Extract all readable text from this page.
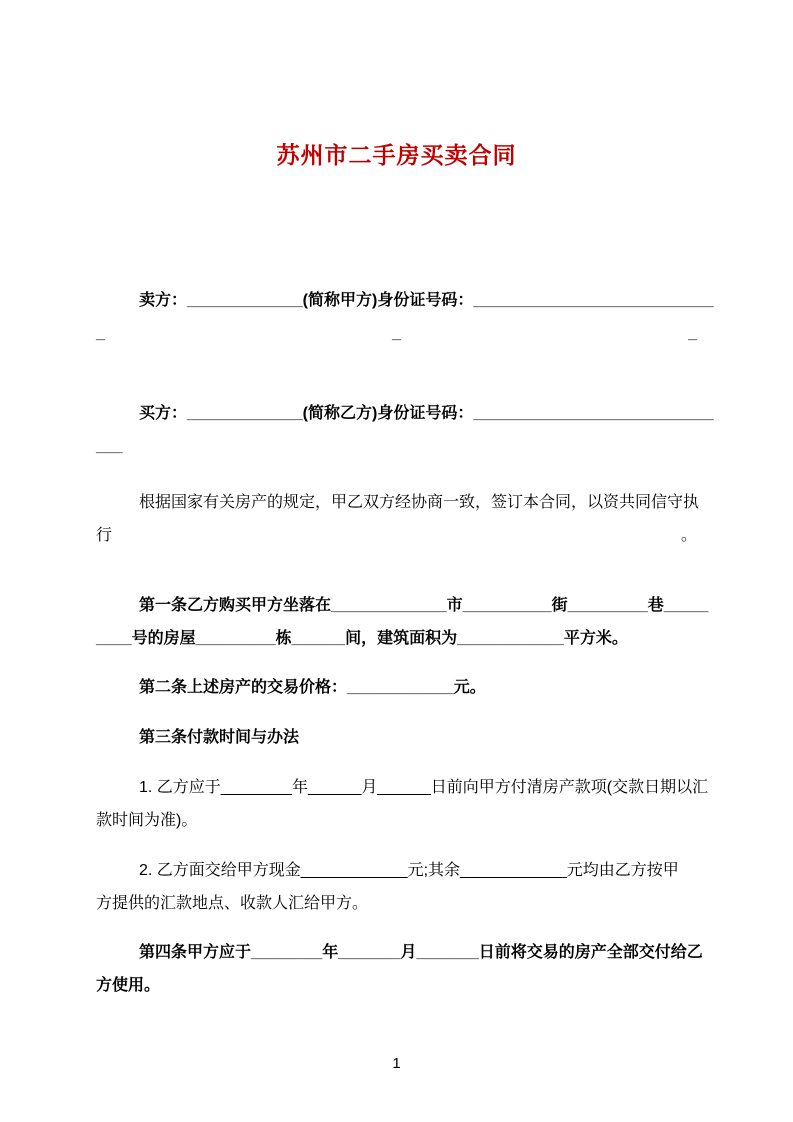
苏州市二手房买卖合同
卖方：_____________(简称甲方)身份证号码：___________________________
_	_	_
买方：_____________(简称乙方)身份证号码：___________________________
___
根据国家有关房产的规定，甲乙双方经协商一致，签订本合同，以资共同信守执
行	。
第一条乙方购买甲方坐落在_____________市__________街_________巷_____
____号的房屋_________栋______间，建筑面积为____________平方米。
第二条上述房产的交易价格：____________元。
第三条付款时间与办法
1. 乙方应于________年______月______日前向甲方付清房产款项(交款日期以汇
款时间为准)。
2. 乙方面交给甲方现金____________元;其余____________元均由乙方按甲
方提供的汇款地点、收款人汇给甲方。
第四条甲方应于________年_______月_______日前将交易的房产全部交付给乙
方使用。
1
